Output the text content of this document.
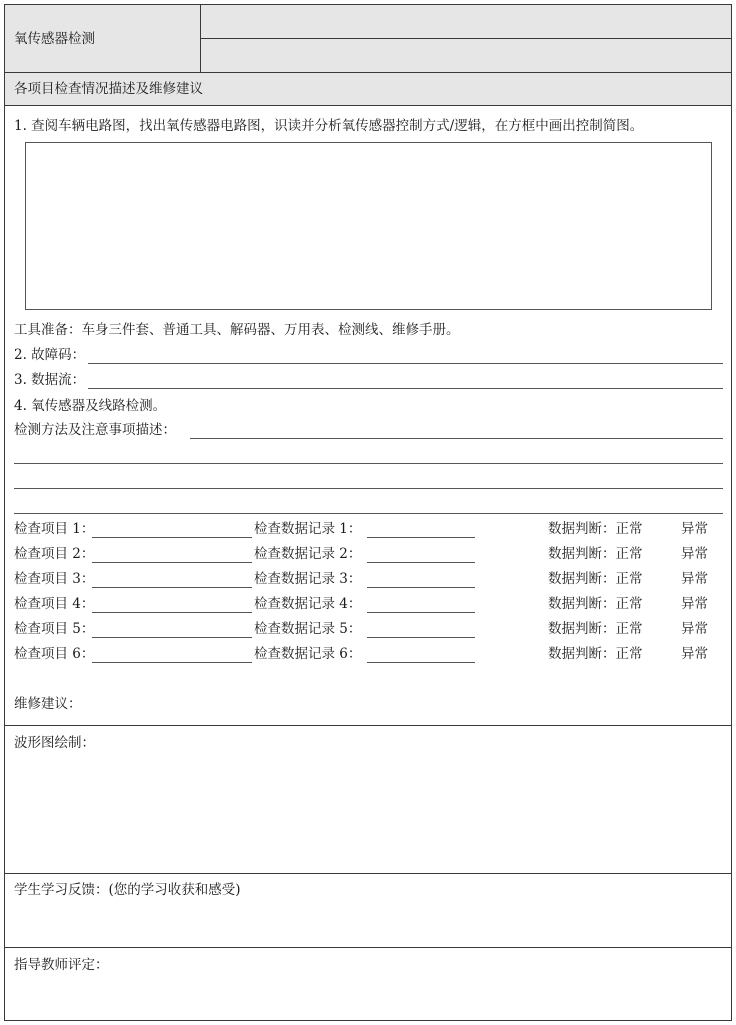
氧传感器检测
各项目检查情况描述及维修建议
1. 查阅车辆电路图，找出氧传感器电路图，识读并分析氧传感器控制方式/逻辑，在方框中画出控制简图。
工具准备：车身三件套、普通工具、解码器、万用表、检测线、维修手册。
2. 故障码：
3. 数据流：
4. 氧传感器及线路检测。
检测方法及注意事项描述：
检查项目 1：	检查数据记录 1：	数据判断：正常	异常
检查项目 2：	检查数据记录 2：	数据判断：正常	异常
检查项目 3：	检查数据记录 3：	数据判断：正常	异常
检查项目 4：	检查数据记录 4：	数据判断：正常	异常
检查项目 5：	检查数据记录 5：	数据判断：正常	异常
检查项目 6：	检查数据记录 6：	数据判断：正常	异常
维修建议：
波形图绘制：
学生学习反馈：(您的学习收获和感受)
指导教师评定：
